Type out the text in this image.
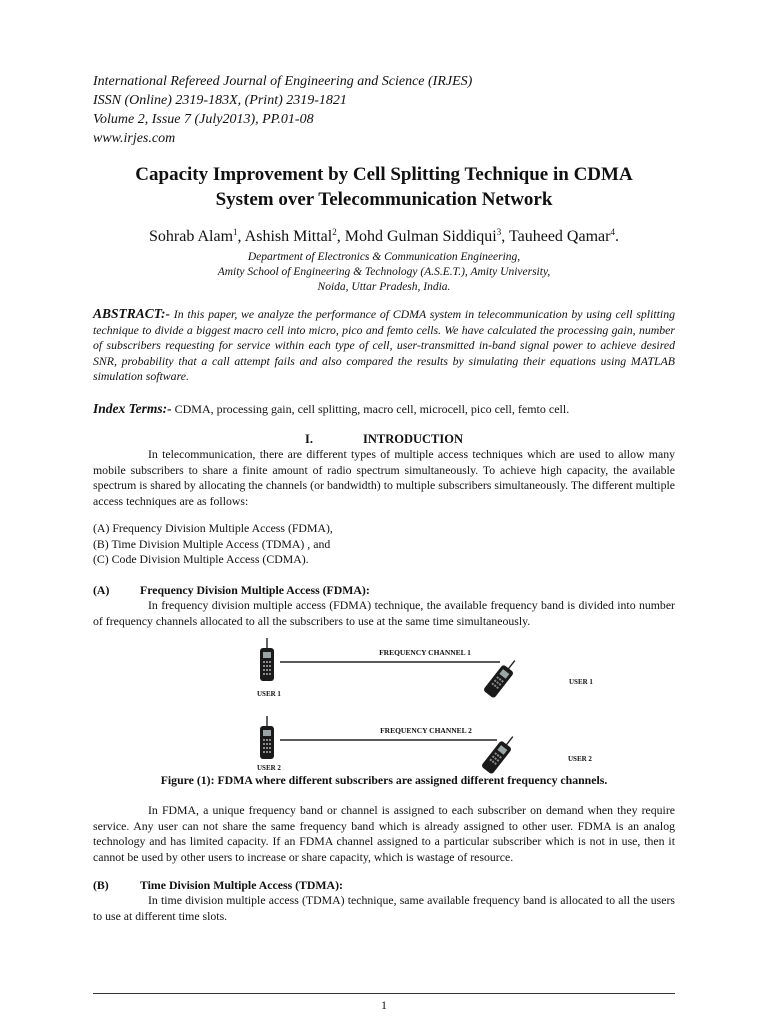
International Refereed Journal of Engineering and Science (IRJES)
ISSN (Online) 2319-183X, (Print) 2319-1821
Volume 2, Issue 7 (July2013), PP.01-08
www.irjes.com
Capacity Improvement by Cell Splitting Technique in CDMA
System over Telecommunication Network
Sohrab Alam$^1$, Ashish Mittal$^2$, Mohd Gulman Siddiqui$^3$, Tauheed Qamar$^4$.
Department of Electronics & Communication Engineering,
Amity School of Engineering & Technology (A.S.E.T.), Amity University,
Noida, Uttar Pradesh, India.
ABSTRACT:- In this paper, we analyze the performance of CDMA system in telecommunication by using cell splitting technique to divide a biggest macro cell into micro, pico and femto cells. We have calculated the processing gain, number of subscribers requesting for service within each type of cell, user-transmitted in-band signal power to achieve desired SNR, probability that a call attempt fails and also compared the results by simulating their equations using MATLAB simulation software.
Index Terms:- CDMA, processing gain, cell splitting, macro cell, microcell, pico cell, femto cell.
I.	INTRODUCTION

In telecommunication, there are different types of multiple access techniques which are used to allow many mobile subscribers to share a finite amount of radio spectrum simultaneously. To achieve high capacity, the available spectrum is shared by allocating the channels (or bandwidth) to multiple subscribers simultaneously. The different multiple access techniques are as follows:

(A) Frequency Division Multiple Access (FDMA),

(B) Time Division Multiple Access (TDMA) , and

(C) Code Division Multiple Access (CDMA).

(A)	Frequency Division Multiple Access (FDMA):

In frequency division multiple access (FDMA) technique, the available frequency band is divided into number of frequency channels allocated to all the subscribers to use at the same time simultaneously.

FREQUENCY CHANNEL 1
USER 1
USER 1
FREQUENCY CHANNEL 2
USER 2
USER 2
Figure (1): FDMA where different subscribers are assigned different frequency channels.

In FDMA, a unique frequency band or channel is assigned to each subscriber on demand when they require service. Any user can not share the same frequency band which is already assigned to other user. FDMA is an analog technology and has limited capacity. If an FDMA channel assigned to a particular subscriber which is not in use, then it cannot be used by other users to increase or share capacity, which is wastage of resource.

(B)	Time Division Multiple Access (TDMA):

In time division multiple access (TDMA) technique, same available frequency band is allocated to all the users to use at different time slots.

1
